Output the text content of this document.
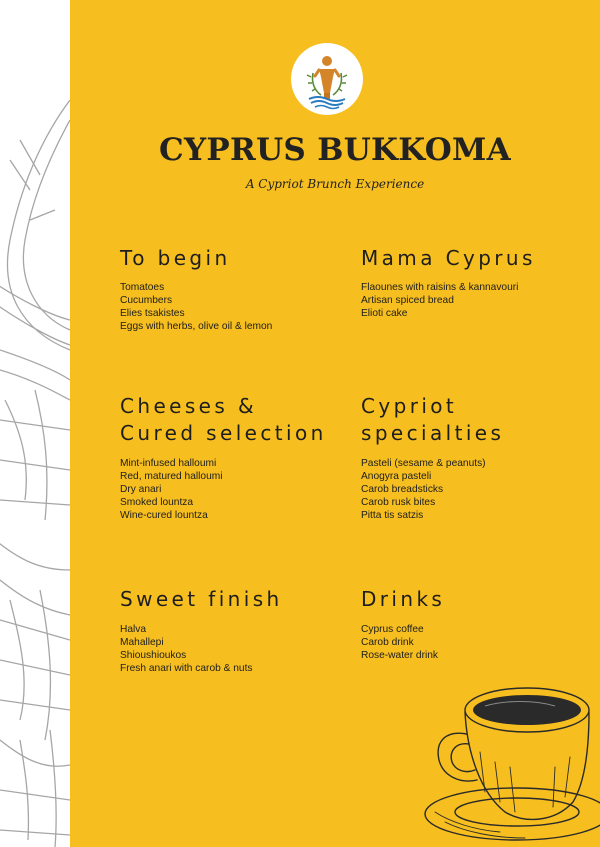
CYPRUS BUKKOMA

A Cypriot Brunch Experience

To begin
Tomatoes
Cucumbers
Elies tsakistes
Eggs with herbs, olive oil & lemon
Mama Cyprus
Flaounes with raisins & kannavouri
Artisan spiced bread
Elioti cake
Cheeses &
Cured selection
Mint-infused halloumi
Red, matured halloumi
Dry anari
Smoked lountza
Wine-cured lountza
Cypriot
specialties
Pasteli (sesame & peanuts)
Anogyra pasteli
Carob breadsticks
Carob rusk bites
Pitta tis satzis
Sweet finish
Halva
Mahallepi
Shioushioukos
Fresh anari with carob & nuts
Drinks
Cyprus coffee
Carob drink
Rose-water drink
